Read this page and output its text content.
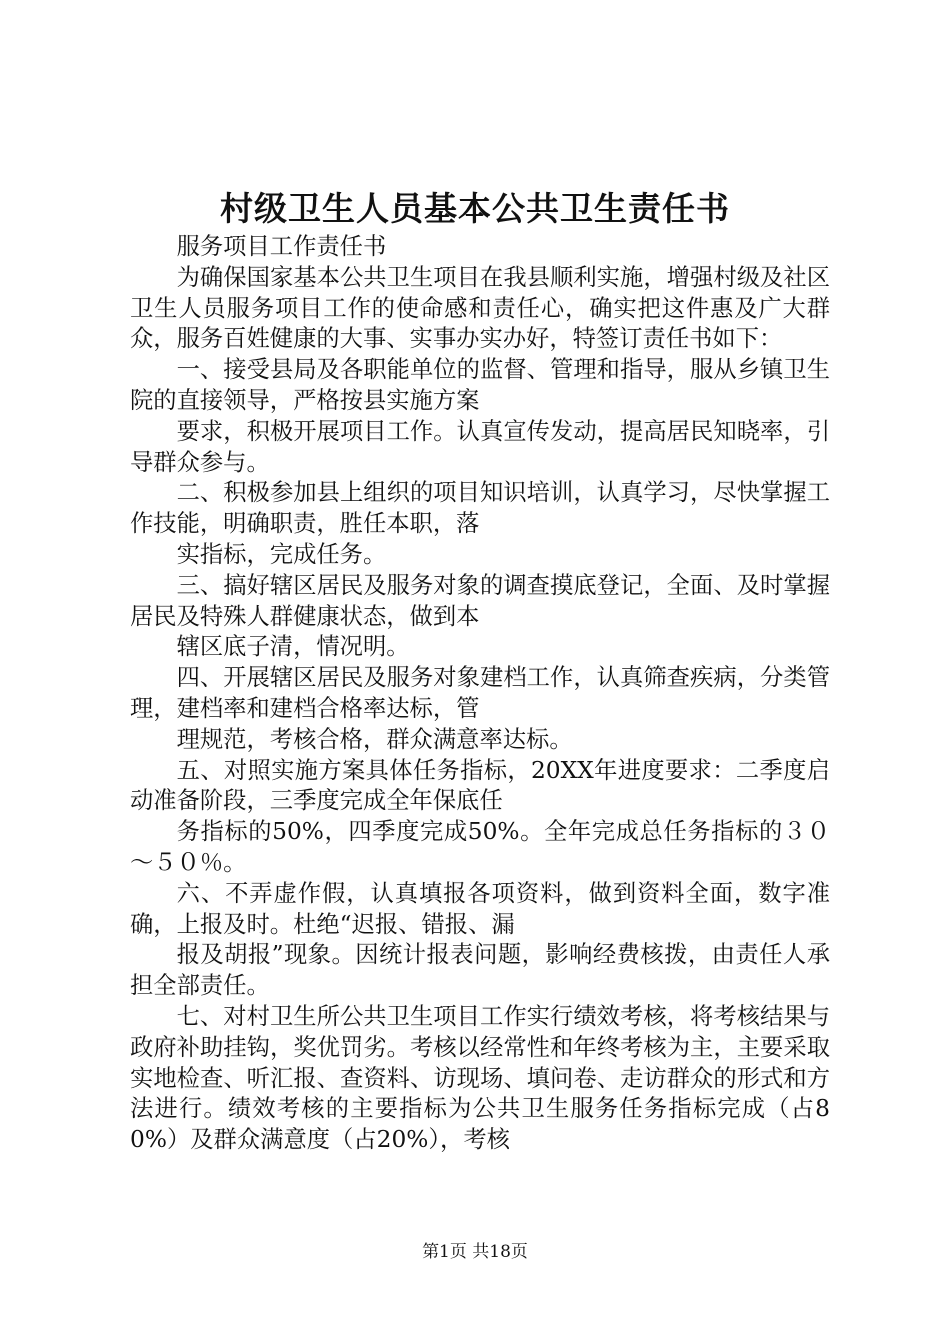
村级卫生人员基本公共卫生责任书

服务项目工作责任书

为确保国家基本公共卫生项目在我县顺利实施，增强村级及社区卫生人员服务项目工作的使命感和责任心，确实把这件惠及广大群众，服务百姓健康的大事、实事办实办好，特签订责任书如下：

一、接受县局及各职能单位的监督、管理和指导，服从乡镇卫生院的直接领导，严格按县实施方案

要求，积极开展项目工作。认真宣传发动，提高居民知晓率，引导群众参与。

二、积极参加县上组织的项目知识培训，认真学习，尽快掌握工作技能，明确职责，胜任本职，落

实指标，完成任务。

三、搞好辖区居民及服务对象的调查摸底登记，全面、及时掌握居民及特殊人群健康状态，做到本

辖区底子清，情况明。

四、开展辖区居民及服务对象建档工作，认真筛查疾病，分类管理，建档率和建档合格率达标，管

理规范，考核合格，群众满意率达标。

五、对照实施方案具体任务指标，20XX年进度要求：二季度启动准备阶段，三季度完成全年保底任

务指标的50%，四季度完成50%。全年完成总任务指标的３０～５０％。

六、不弄虚作假，认真填报各项资料，做到资料全面，数字准确，上报及时。杜绝“迟报、错报、漏

报及胡报”现象。因统计报表问题，影响经费核拨，由责任人承担全部责任。

七、对村卫生所公共卫生项目工作实行绩效考核，将考核结果与政府补助挂钩，奖优罚劣。考核以经常性和年终考核为主，主要采取实地检查、听汇报、查资料、访现场、填问卷、走访群众的形式和方法进行。绩效考核的主要指标为公共卫生服务任务指标完成（占80%）及群众满意度（占20%），考核

第1页 共18页
